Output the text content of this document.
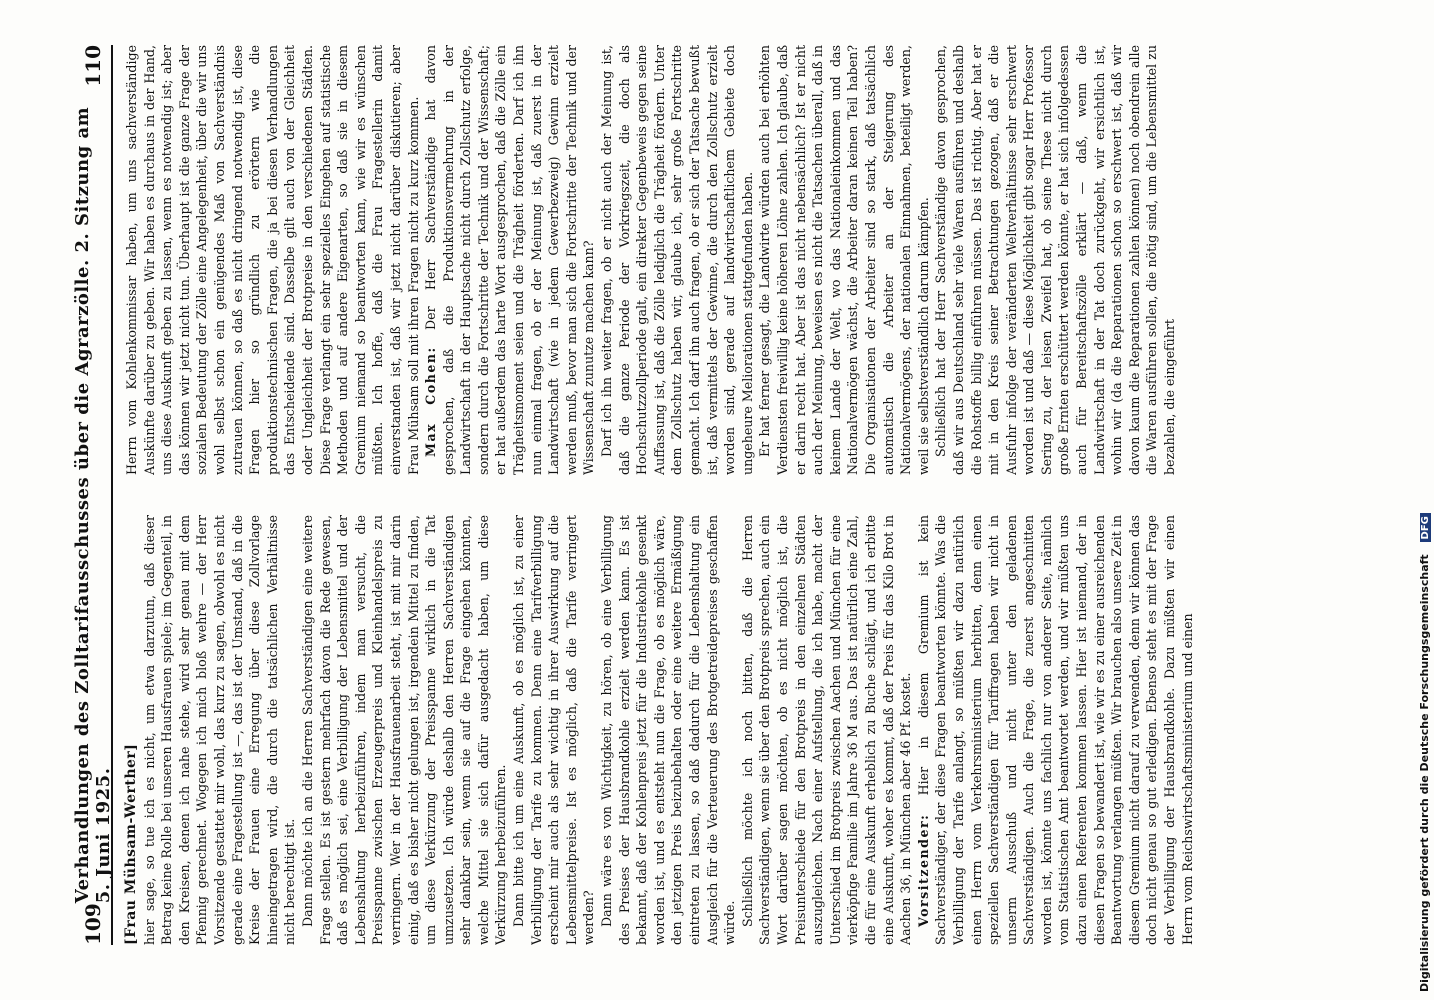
109
Verhandlungen des Zolltarifausschusses über die Agrarzölle. 2. Sitzung am 5. Juni 1925.
110

[Frau Mühsam-Werther] hier sage, so tue ich es nicht, um etwa darzutun, daß dieser Betrag keine Rolle bei unseren Hausfrauen spiele; im Gegenteil, in den Kreisen, denen ich nahe stehe, wird sehr genau mit dem Pfennig gerechnet. Wogegen ich mich bloß wehre — der Herr Vorsitzende gestattet mir wohl, das kurz zu sagen, obwohl es nicht gerade eine Fragestellung ist —, das ist der Umstand, daß in die Kreise der Frauen eine Erregung über diese Zollvorlage hineingetragen wird, die durch die tatsächlichen Verhältnisse nicht berechtigt ist. Dann möchte ich an die Herren Sachverständigen eine weitere Frage stellen. Es ist gestern mehrfach davon die Rede gewesen, daß es möglich sei, eine Verbilligung der Lebensmittel und der Lebenshaltung herbeizuführen, indem man versucht, die Preisspanne zwischen Erzeugerpreis und Kleinhandelspreis zu verringern. Wer in der Hausfrauenarbeit steht, ist mit mir darin einig, daß es bisher nicht gelungen ist, irgendein Mittel zu finden, um diese Verkürzung der Preisspanne wirklich in die Tat umzusetzen. Ich würde deshalb den Herren Sachverständigen sehr dankbar sein, wenn sie auf die Frage eingehen könnten, welche Mittel sie sich dafür ausgedacht haben, um diese Verkürzung herbeizuführen. Dann bitte ich um eine Auskunft, ob es möglich ist, zu einer Verbilligung der Tarife zu kommen. Denn eine Tarifverbilligung erscheint mir auch als sehr wichtig in ihrer Auswirkung auf die Lebensmittelpreise. Ist es möglich, daß die Tarife verringert werden? Dann wäre es von Wichtigkeit, zu hören, ob eine Verbilligung des Preises der Hausbrandkohle erzielt werden kann. Es ist bekannt, daß der Kohlenpreis jetzt für die Industriekohle gesenkt worden ist, und es entsteht nun die Frage, ob es möglich wäre, den jetzigen Preis beizubehalten oder eine weitere Ermäßigung eintreten zu lassen, so daß dadurch für die Lebenshaltung ein Ausgleich für die Verteuerung des Brotgetreidepreises geschaffen würde. Schließlich möchte ich noch bitten, daß die Herren Sachverständigen, wenn sie über den Brotpreis sprechen, auch ein Wort darüber sagen möchten, ob es nicht möglich ist, die Preisunterschiede für den Brotpreis in den einzelnen Städten auszugleichen. Nach einer Aufstellung, die ich habe, macht der Unterschied im Brotpreis zwischen Aachen und München für eine vierköpfige Familie im Jahre 36 M aus. Das ist natürlich eine Zahl, die für eine Auskunft erheblich zu Buche schlägt, und ich erbitte eine Auskunft, woher es kommt, daß der Preis für das Kilo Brot in Aachen 36, in München aber 46 Pf. kostet. Vorsitzender: Hier in diesem Gremium ist kein Sachverständiger, der diese Fragen beantworten könnte. Was die Verbilligung der Tarife anlangt, so müßten wir dazu natürlich einen Herrn vom Verkehrsministerium herbitten, denn einen speziellen Sachverständigen für Tariffragen haben wir nicht in unserm Ausschuß und nicht unter den geladenen Sachverständigen. Auch die Frage, die zuerst angeschnitten worden ist, könnte uns fachlich nur von anderer Seite, nämlich vom Statistischen Amt beantwortet werden, und wir müßten uns dazu einen Referenten kommen lassen. Hier ist niemand, der in diesen Fragen so bewandert ist, wie wir es zu einer ausreichenden Beantwortung verlangen müßten. Wir brauchen also unsere Zeit in diesem Gremium nicht darauf zu verwenden, denn wir können das doch nicht genau so gut erledigen. Ebenso steht es mit der Frage der Verbilligung der Hausbrandkohle. Dazu müßten wir einen Herrn vom Reichswirtschaftsministerium und einen

Herrn vom Kohlenkommissar haben, um uns sachverständige Auskünfte darüber zu geben. Wir haben es durchaus in der Hand, uns diese Auskunft geben zu lassen, wenn es notwendig ist; aber das können wir jetzt nicht tun. Überhaupt ist die ganze Frage der sozialen Bedeutung der Zölle eine Angelegenheit, über die wir uns wohl selbst schon ein genügendes Maß von Sachverständnis zutrauen können, so daß es nicht dringend notwendig ist, diese Fragen hier so gründlich zu erörtern wie die produktionstechnischen Fragen, die ja bei diesen Verhandlungen das Entscheidende sind. Dasselbe gilt auch von der Gleichheit oder Ungleichheit der Brotpreise in den verschiedenen Städten. Diese Frage verlangt ein sehr spezielles Eingehen auf statistische Methoden und auf andere Eigenarten, so daß sie in diesem Gremium niemand so beantworten kann, wie wir es wünschen müßten. Ich hoffe, daß die Frau Fragestellerin damit einverstanden ist, daß wir jetzt nicht darüber diskutieren; aber Frau Mühsam soll mit ihren Fragen nicht zu kurz kommen. Max Cohen: Der Herr Sachverständige hat davon gesprochen, daß die Produktionsvermehrung in der Landwirtschaft in der Hauptsache nicht durch Zollschutz erfolge, sondern durch die Fortschritte der Technik und der Wissenschaft; er hat außerdem das harte Wort ausgesprochen, daß die Zölle ein Trägheitsmoment seien und die Trägheit förderten. Darf ich ihn nun einmal fragen, ob er der Meinung ist, daß zuerst in der Landwirtschaft (wie in jedem Gewerbezweig) Gewinn erzielt werden muß, bevor man sich die Fortschritte der Technik und der Wissenschaft zunutze machen kann? Darf ich ihn weiter fragen, ob er nicht auch der Meinung ist, daß die ganze Periode der Vorkriegszeit, die doch als Hochschutzzollperiode galt, ein direkter Gegenbeweis gegen seine Auffassung ist, daß die Zölle lediglich die Trägheit fördern. Unter dem Zollschutz haben wir, glaube ich, sehr große Fortschritte gemacht. Ich darf ihn auch fragen, ob er sich der Tatsache bewußt ist, daß vermittels der Gewinne, die durch den Zollschutz erzielt worden sind, gerade auf landwirtschaftlichem Gebiete doch ungeheure Meliorationen stattgefunden haben. Er hat ferner gesagt, die Landwirte würden auch bei erhöhten Verdiensten freiwillig keine höheren Löhne zahlen. Ich glaube, daß er darin recht hat. Aber ist das nicht nebensächlich? Ist er nicht auch der Meinung, beweisen es nicht die Tatsachen überall, daß in keinem Lande der Welt, wo das Nationaleinkommen und das Nationalvermögen wächst, die Arbeiter daran keinen Teil haben? Die Organisationen der Arbeiter sind so stark, daß tatsächlich automatisch die Arbeiter an der Steigerung des Nationalvermögens, der nationalen Einnahmen, beteiligt werden, weil sie selbstverständlich darum kämpfen. Schließlich hat der Herr Sachverständige davon gesprochen, daß wir aus Deutschland sehr viele Waren ausführen und deshalb die Rohstoffe billig einführen müssen. Das ist richtig. Aber hat er mit in den Kreis seiner Betrachtungen gezogen, daß er die Ausfuhr infolge der veränderten Weltverhältnisse sehr erschwert worden ist und daß — diese Möglichkeit gibt sogar Herr Professor Sering zu, der leisen Zweifel hat, ob seine These nicht durch große Ernten erschüttert werden könnte, er hat sich infolgedessen auch für Bereitschaftszölle erklärt — daß, wenn die Landwirtschaft in der Tat doch zurückgeht, wir ersichtlich ist, wohin wir (da die Reparationen schon so erschwert ist, daß wir davon kaum die Reparationen zahlen können) noch obendrein alle die Waren ausführen sollen, die nötig sind, um die Lebensmittel zu bezahlen, die eingeführt

Digitalisierung gefördert durch die Deutsche Forschungsgemeinschaft DFG
